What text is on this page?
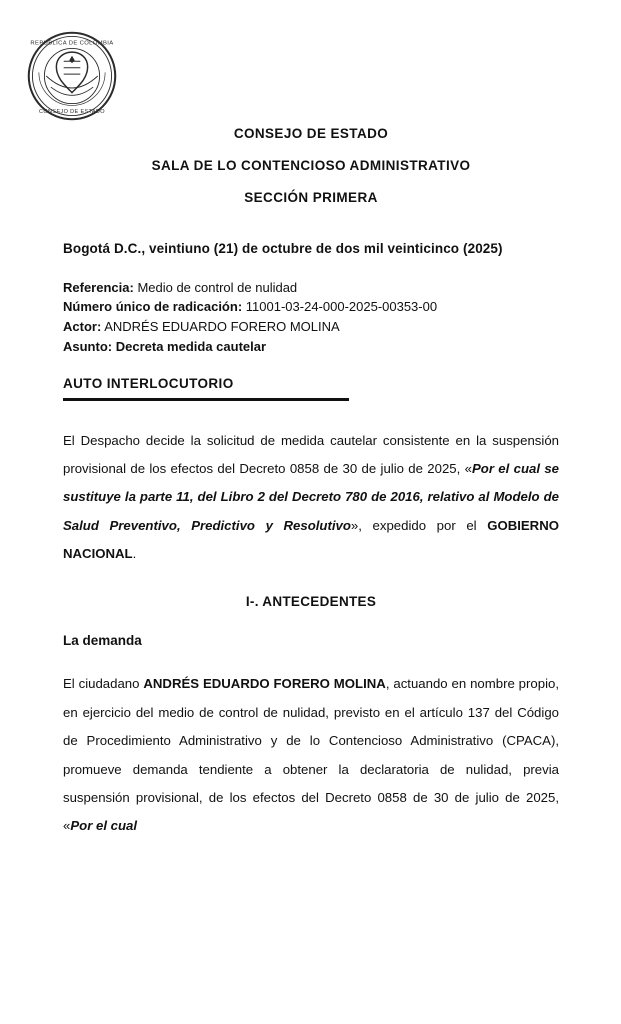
REPUBLICA DE COLOMBIA
CONSEJO DE ESTADO
CONSEJO DE ESTADO
SALA DE LO CONTENCIOSO ADMINISTRATIVO
SECCIÓN PRIMERA
Bogotá D.C., veintiuno (21) de octubre de dos mil veinticinco (2025)
Referencia: Medio de control de nulidad
Número único de radicación: 11001-03-24-000-2025-00353-00
Actor: ANDRÉS EDUARDO FORERO MOLINA
Asunto: Decreta medida cautelar
AUTO INTERLOCUTORIO

El Despacho decide la solicitud de medida cautelar consistente en la suspensión provisional de los efectos del Decreto 0858 de 30 de julio de 2025, «Por el cual se sustituye la parte 11, del Libro 2 del Decreto 780 de 2016, relativo al Modelo de Salud Preventivo, Predictivo y Resolutivo», expedido por el GOBIERNO NACIONAL.

I-. ANTECEDENTES
La demanda

El ciudadano ANDRÉS EDUARDO FORERO MOLINA, actuando en nombre propio, en ejercicio del medio de control de nulidad, previsto en el artículo 137 del Código de Procedimiento Administrativo y de lo Contencioso Administrativo (CPACA), promueve demanda tendiente a obtener la declaratoria de nulidad, previa suspensión provisional, de los efectos del Decreto 0858 de 30 de julio de 2025, «Por el cual
